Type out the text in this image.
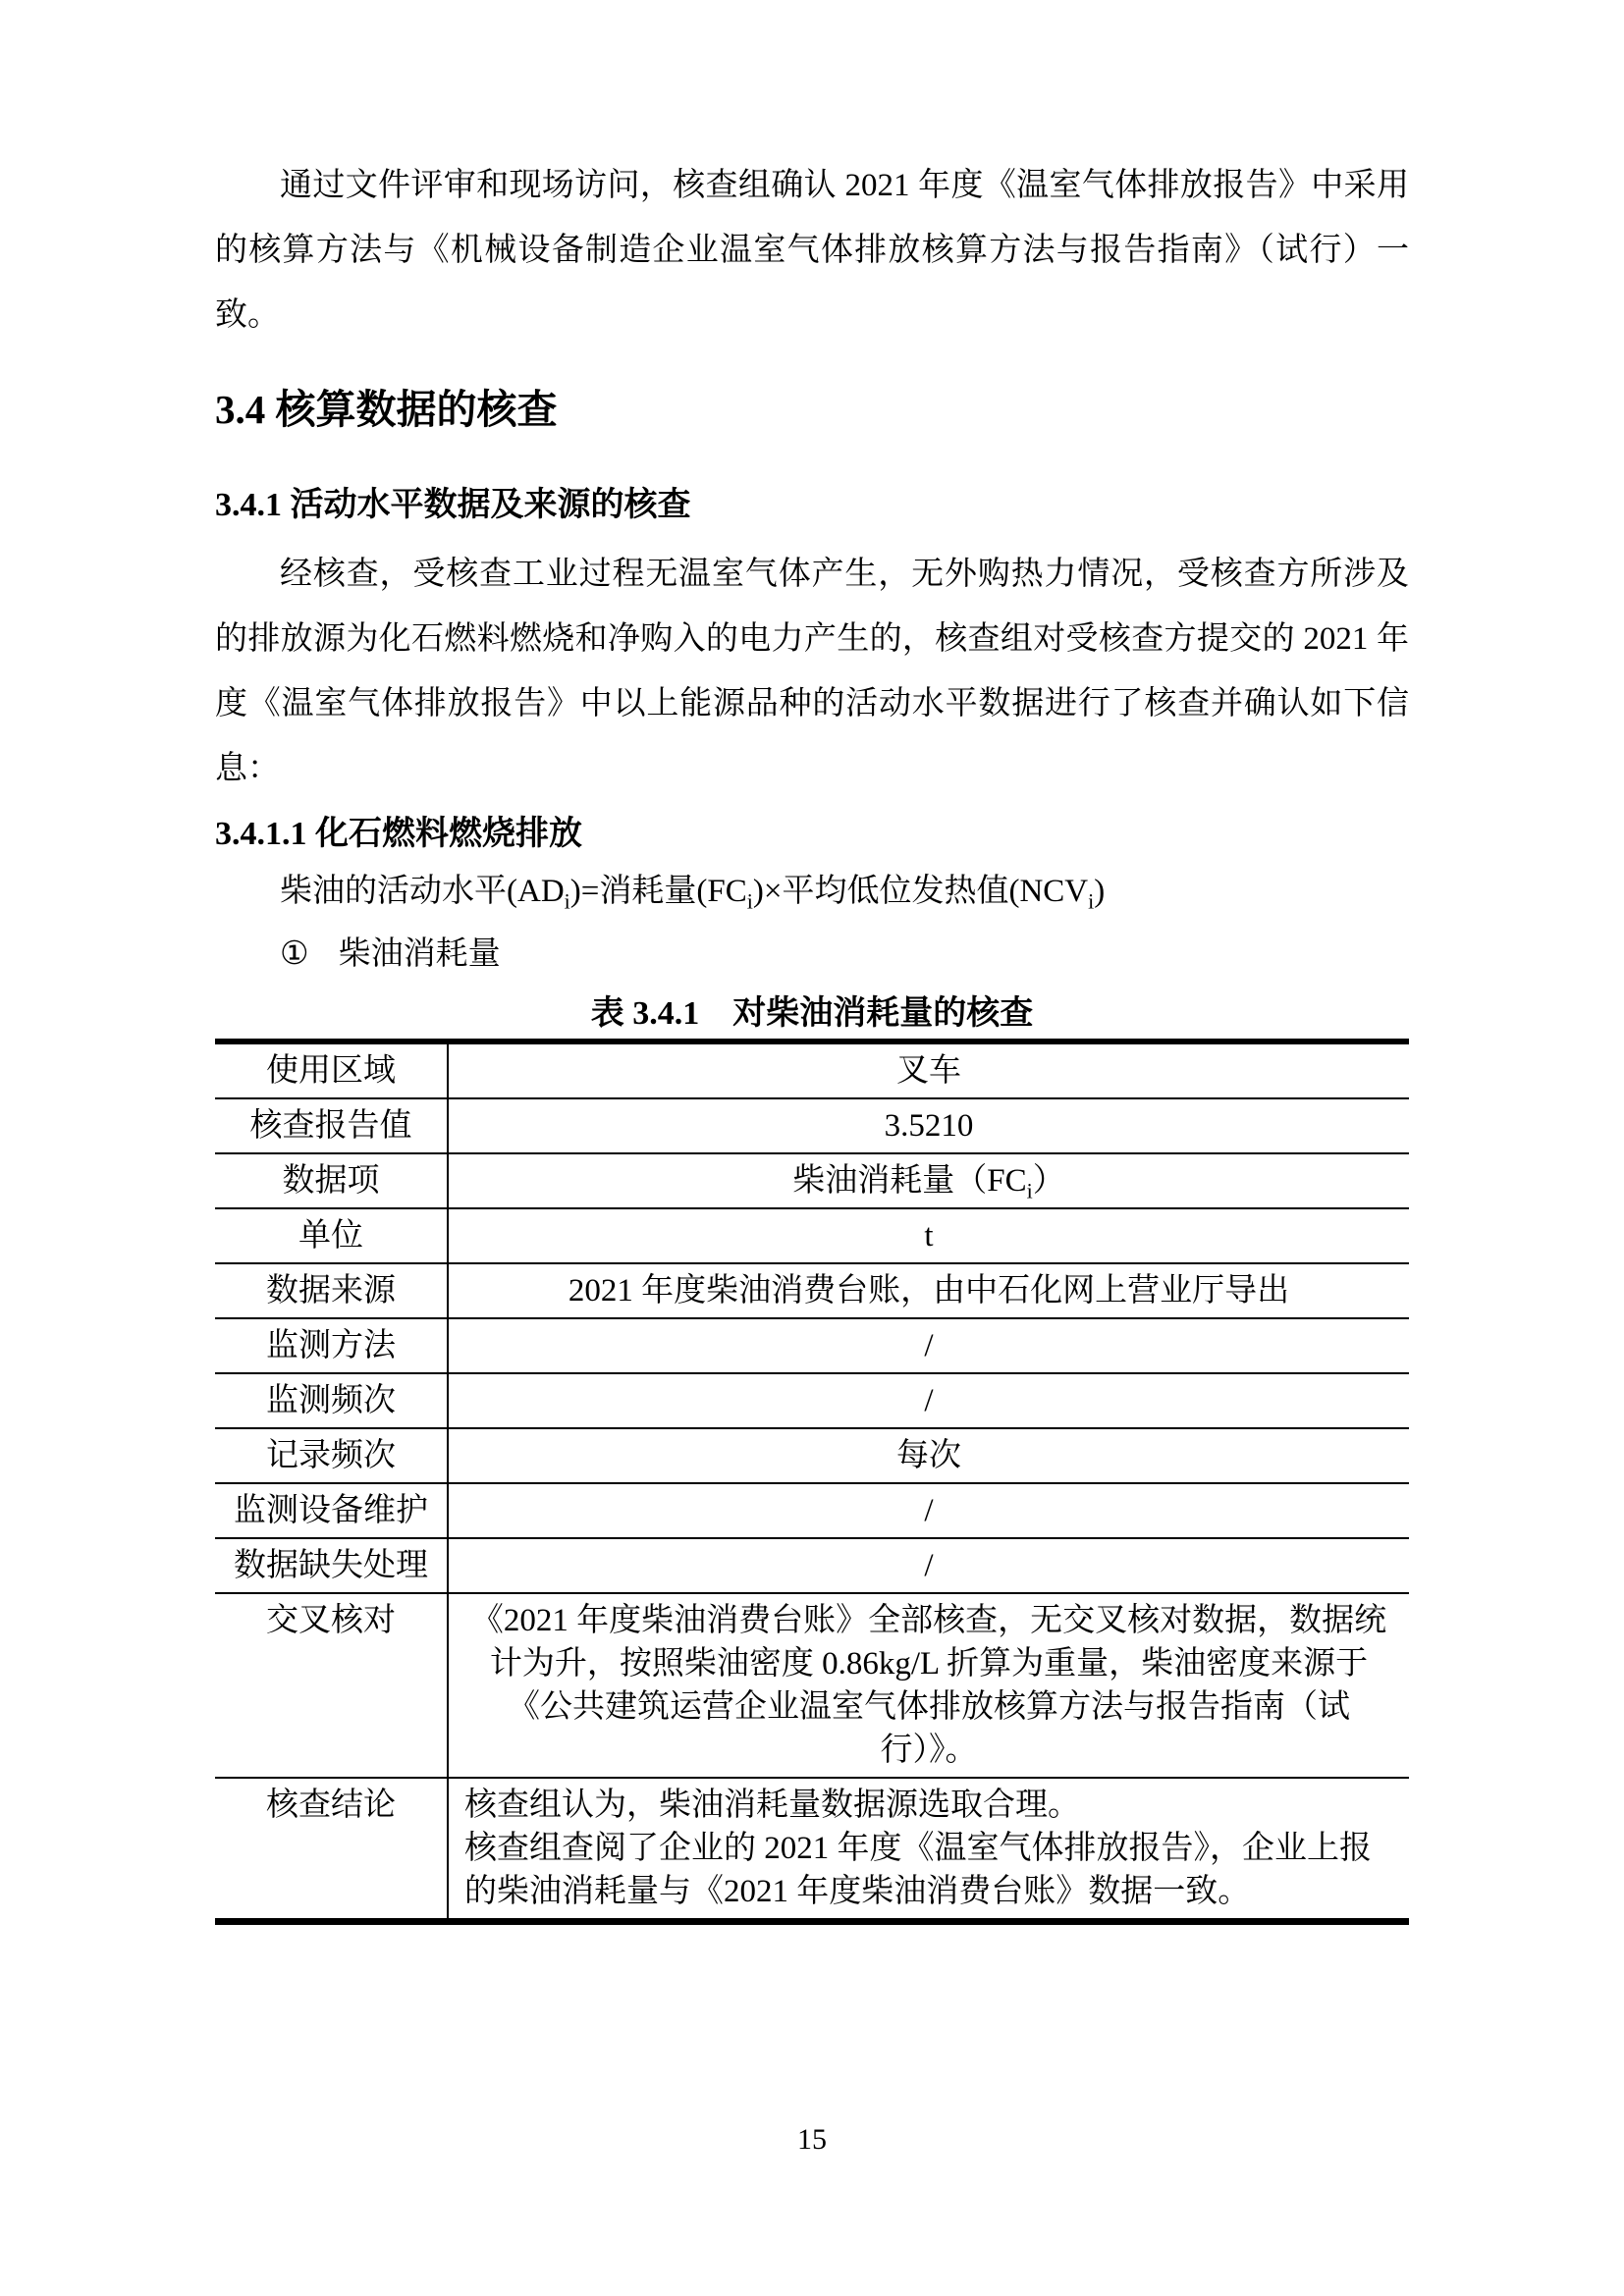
通过文件评审和现场访问，核查组确认 2021 年度《温室气体排放报告》中采用的核算方法与《机械设备制造企业温室气体排放核算方法与报告指南》（试行）一致。

3.4 核算数据的核查
3.4.1 活动水平数据及来源的核查

经核查，受核查工业过程无温室气体产生，无外购热力情况，受核查方所涉及的排放源为化石燃料燃烧和净购入的电力产生的，核查组对受核查方提交的 2021 年度《温室气体排放报告》中以上能源品种的活动水平数据进行了核查并确认如下信息：

3.4.1.1 化石燃料燃烧排放

柴油的活动水平$(AD_i)=$消耗量$(FC_i)\times$平均低位发热值$(NCV_i)$

① 柴油消耗量

表 3.4.1　对柴油消耗量的核查
使用区域	叉车
核查报告值	3.5210
数据项	柴油消耗量$(FC_i)$
单位	t
数据来源	2021 年度柴油消费台账，由中石化网上营业厅导出
监测方法	/
监测频次	/
记录频次	每次
监测设备维护	/
数据缺失处理	/
交叉核对	《2021 年度柴油消费台账》全部核查，无交叉核对数据，数据统计为升，按照柴油密度 0.86kg/L 折算为重量，柴油密度来源于《公共建筑运营企业温室气体排放核算方法与报告指南（试行）》。
核查结论	核查组认为，柴油消耗量数据源选取合理。
核查组查阅了企业的 2021 年度《温室气体排放报告》，企业上报的柴油消耗量与《2021 年度柴油消费台账》数据一致。
15
